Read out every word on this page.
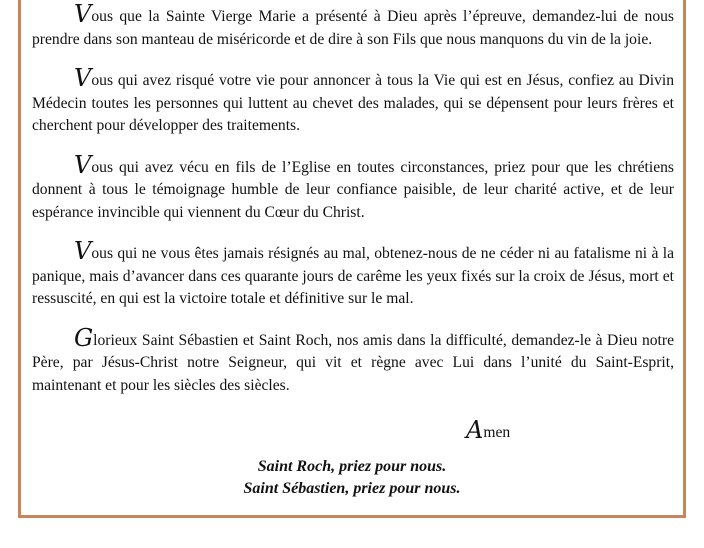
Vous que la Sainte Vierge Marie a présenté à Dieu après l’épreuve, demandez-lui de nous prendre dans son manteau de miséricorde et de dire à son Fils que nous manquons du vin de la joie.

Vous qui avez risqué votre vie pour annoncer à tous la Vie qui est en Jésus, confiez au Divin Médecin toutes les personnes qui luttent au chevet des malades, qui se dépensent pour leurs frères et cherchent pour développer des traitements.

Vous qui avez vécu en fils de l’Eglise en toutes circonstances, priez pour que les chrétiens donnent à tous le témoignage humble de leur confiance paisible, de leur charité active, et de leur espérance invincible qui viennent du Cœur du Christ.

Vous qui ne vous êtes jamais résignés au mal, obtenez-nous de ne céder ni au fatalisme ni à la panique, mais d’avancer dans ces quarante jours de carême les yeux fixés sur la croix de Jésus, mort et ressuscité, en qui est la victoire totale et définitive sur le mal.

Glorieux Saint Sébastien et Saint Roch, nos amis dans la difficulté, demandez-le à Dieu notre Père, par Jésus-Christ notre Seigneur, qui vit et règne avec Lui dans l’unité du Saint-Esprit, maintenant et pour les siècles des siècles.

Amen
Saint Roch, priez pour nous.
Saint Sébastien, priez pour nous.
